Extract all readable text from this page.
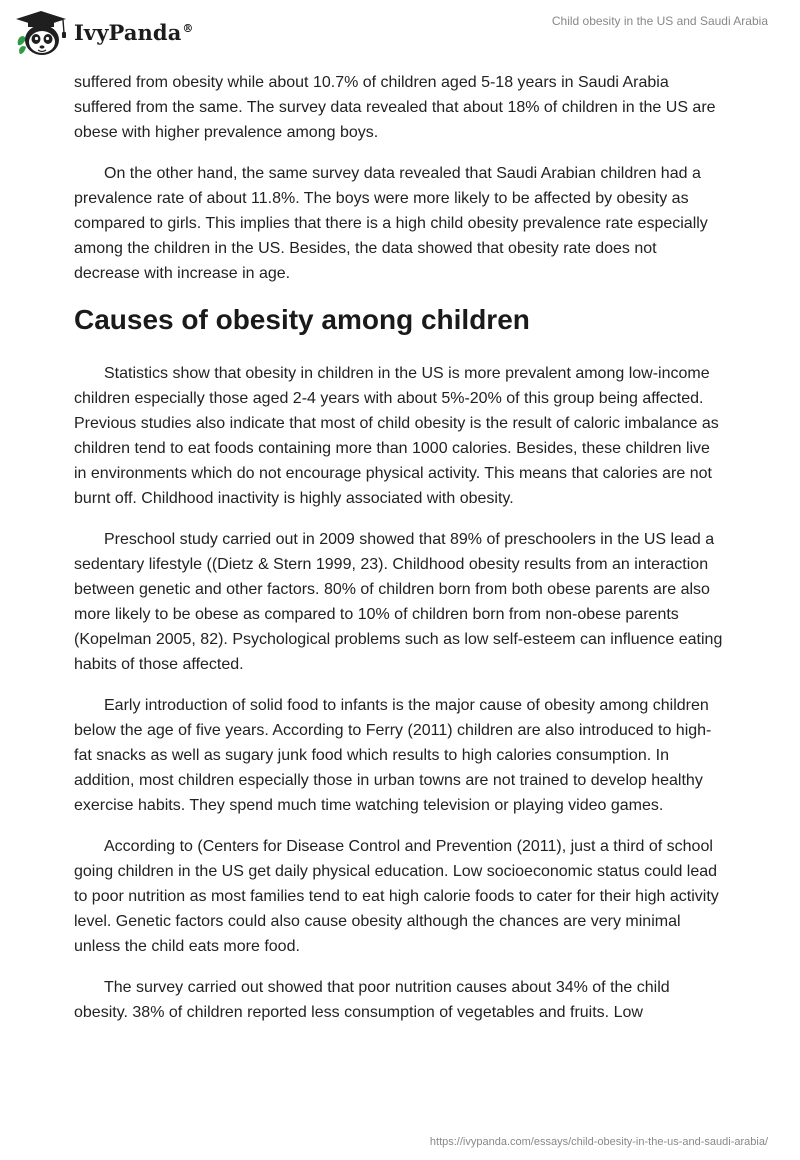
IvyPanda®	Child obesity in the US and Saudi Arabia

suffered from obesity while about 10.7% of children aged 5-18 years in Saudi Arabia suffered from the same. The survey data revealed that about 18% of children in the US are obese with higher prevalence among boys.

On the other hand, the same survey data revealed that Saudi Arabian children had a prevalence rate of about 11.8%. The boys were more likely to be affected by obesity as compared to girls. This implies that there is a high child obesity prevalence rate especially among the children in the US. Besides, the data showed that obesity rate does not decrease with increase in age.

Causes of obesity among children

Statistics show that obesity in children in the US is more prevalent among low-income children especially those aged 2-4 years with about 5%-20% of this group being affected. Previous studies also indicate that most of child obesity is the result of caloric imbalance as children tend to eat foods containing more than 1000 calories. Besides, these children live in environments which do not encourage physical activity. This means that calories are not burnt off. Childhood inactivity is highly associated with obesity.

Preschool study carried out in 2009 showed that 89% of preschoolers in the US lead a sedentary lifestyle ((Dietz & Stern 1999, 23). Childhood obesity results from an interaction between genetic and other factors. 80% of children born from both obese parents are also more likely to be obese as compared to 10% of children born from non-obese parents (Kopelman 2005, 82). Psychological problems such as low self-esteem can influence eating habits of those affected.

Early introduction of solid food to infants is the major cause of obesity among children below the age of five years. According to Ferry (2011) children are also introduced to high-fat snacks as well as sugary junk food which results to high calories consumption. In addition, most children especially those in urban towns are not trained to develop healthy exercise habits. They spend much time watching television or playing video games.

According to (Centers for Disease Control and Prevention (2011), just a third of school going children in the US get daily physical education. Low socioeconomic status could lead to poor nutrition as most families tend to eat high calorie foods to cater for their high activity level. Genetic factors could also cause obesity although the chances are very minimal unless the child eats more food.

The survey carried out showed that poor nutrition causes about 34% of the child obesity. 38% of children reported less consumption of vegetables and fruits. Low

https://ivypanda.com/essays/child-obesity-in-the-us-and-saudi-arabia/
